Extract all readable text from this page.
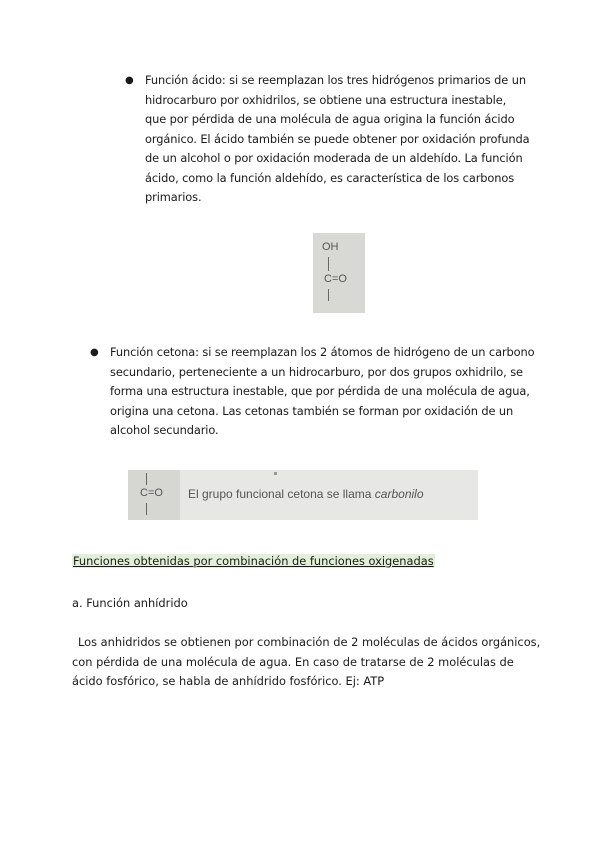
● Función ácido: si se reemplazan los tres hidrógenos primarios de un
hidrocarburo por oxhidrilos, se obtiene una estructura inestable,
que por pérdida de una molécula de agua origina la función ácido
orgánico. El ácido también se puede obtener por oxidación profunda
de un alcohol o por oxidación moderada de un aldehído. La función
ácido, como la función aldehído, es característica de los carbonos
primarios.
OH
C=O
● Función cetona: si se reemplazan los 2 átomos de hidrógeno de un carbono
secundario, perteneciente a un hidrocarburo, por dos grupos oxhidrilo, se
forma una estructura inestable, que por pérdida de una molécula de agua,
origina una cetona. Las cetonas también se forman por oxidación de un
alcohol secundario.
C=O El grupo funcional cetona se llama carbonilo
Funciones obtenidas por combinación de funciones oxigenadas
a. Función anhídrido
Los anhidridos se obtienen por combinación de 2 moléculas de ácidos orgánicos,
con pérdida de una molécula de agua. En caso de tratarse de 2 moléculas de
ácido fosfórico, se habla de anhídrido fosfórico. Ej: ATP
